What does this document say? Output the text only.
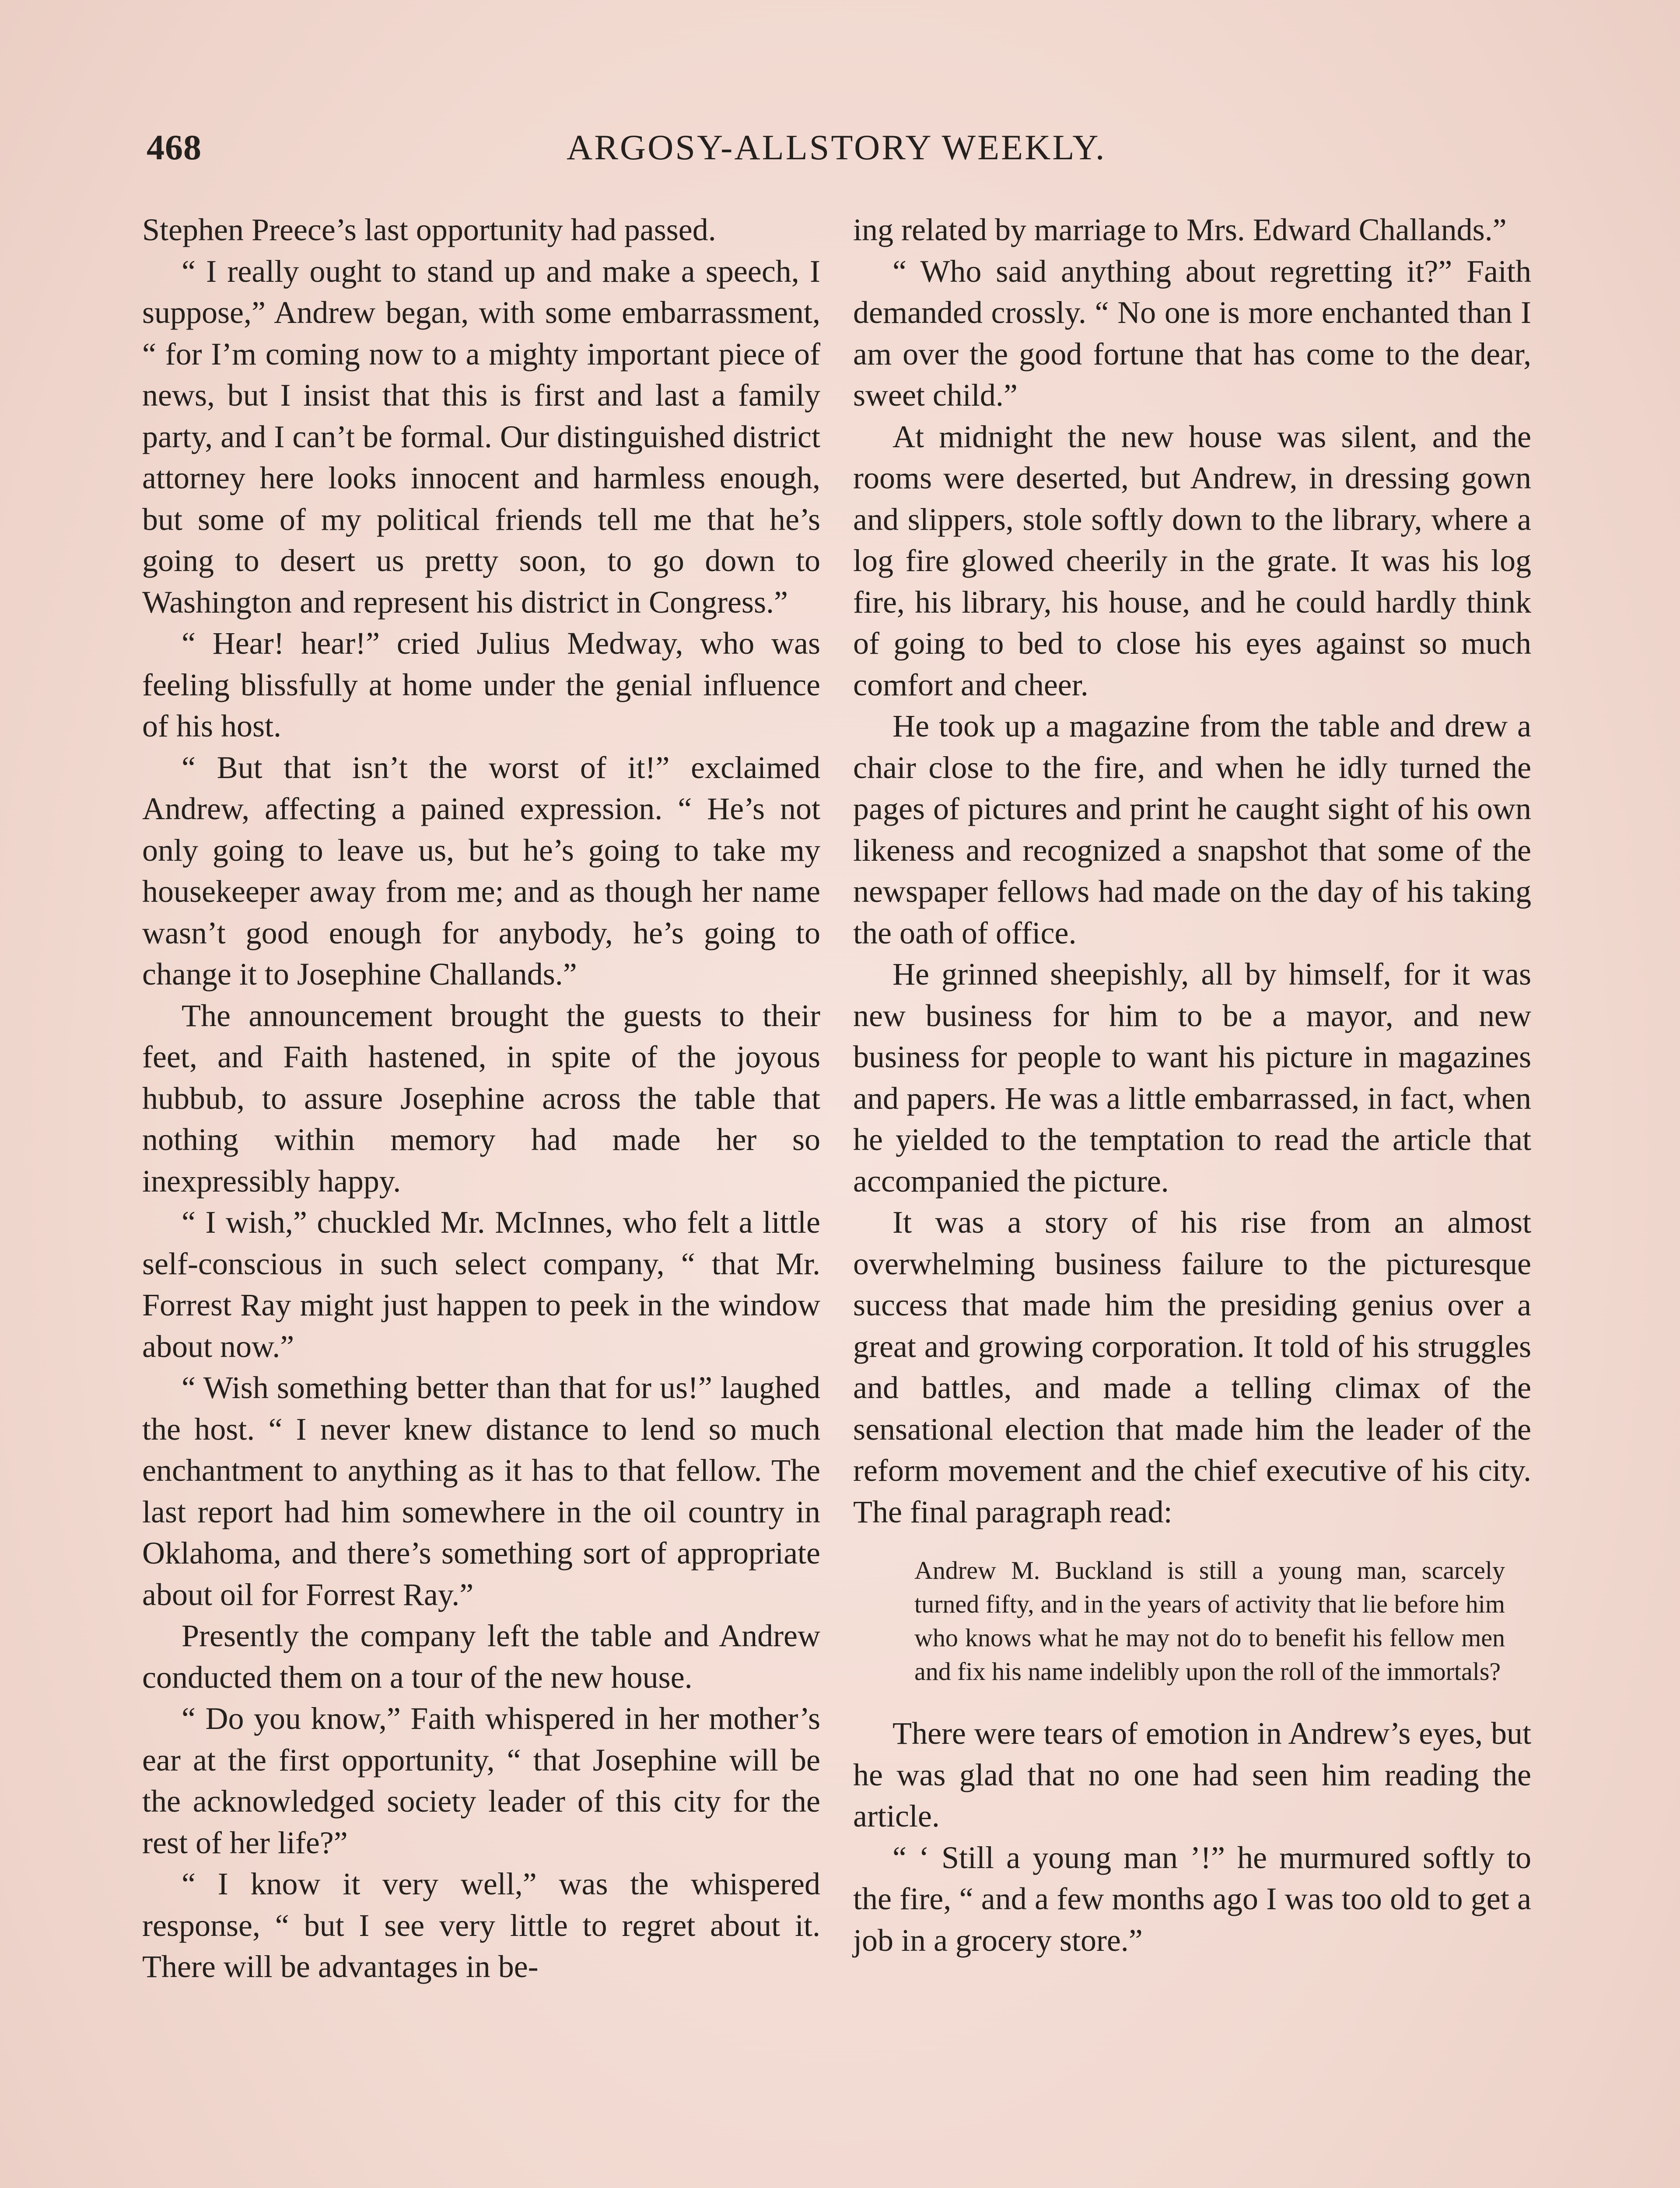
468	ARGOSY-ALLSTORY WEEKLY.

Stephen Preece’s last opportunity had passed.

“ I really ought to stand up and make a speech, I suppose,” Andrew began, with some embarrassment, “ for I’m coming now to a mighty important piece of news, but I insist that this is first and last a family party, and I can’t be formal. Our distinguished district attorney here looks innocent and harmless enough, but some of my political friends tell me that he’s going to desert us pretty soon, to go down to Washington and represent his district in Congress.”

“ Hear! hear!” cried Julius Medway, who was feeling blissfully at home under the genial influence of his host.

“ But that isn’t the worst of it!” exclaimed Andrew, affecting a pained expression. “ He’s not only going to leave us, but he’s going to take my housekeeper away from me; and as though her name wasn’t good enough for anybody, he’s going to change it to Josephine Challands.”

The announcement brought the guests to their feet, and Faith hastened, in spite of the joyous hubbub, to assure Josephine across the table that nothing within memory had made her so inexpressibly happy.

“ I wish,” chuckled Mr. McInnes, who felt a little self-conscious in such select company, “ that Mr. Forrest Ray might just happen to peek in the window about now.”

“ Wish something better than that for us!” laughed the host. “ I never knew distance to lend so much enchantment to anything as it has to that fellow. The last report had him somewhere in the oil country in Oklahoma, and there’s something sort of appropriate about oil for Forrest Ray.”

Presently the company left the table and Andrew conducted them on a tour of the new house.

“ Do you know,” Faith whispered in her mother’s ear at the first opportunity, “ that Josephine will be the acknowledged society leader of this city for the rest of her life?”

“ I know it very well,” was the whispered response, “ but I see very little to regret about it. There will be advantages in be-

ing related by marriage to Mrs. Edward Challands.”

“ Who said anything about regretting it?” Faith demanded crossly. “ No one is more enchanted than I am over the good fortune that has come to the dear, sweet child.”

At midnight the new house was silent, and the rooms were deserted, but Andrew, in dressing gown and slippers, stole softly down to the library, where a log fire glowed cheerily in the grate. It was his log fire, his library, his house, and he could hardly think of going to bed to close his eyes against so much comfort and cheer.

He took up a magazine from the table and drew a chair close to the fire, and when he idly turned the pages of pictures and print he caught sight of his own likeness and recognized a snapshot that some of the newspaper fellows had made on the day of his taking the oath of office.

He grinned sheepishly, all by himself, for it was new business for him to be a mayor, and new business for people to want his picture in magazines and papers. He was a little embarrassed, in fact, when he yielded to the temptation to read the article that accompanied the picture.

It was a story of his rise from an almost overwhelming business failure to the picturesque success that made him the presiding genius over a great and growing corporation. It told of his struggles and battles, and made a telling climax of the sensational election that made him the leader of the reform movement and the chief executive of his city. The final paragraph read:

Andrew M. Buckland is still a young man, scarcely turned fifty, and in the years of activity that lie before him who knows what he may not do to benefit his fellow men and fix his name indelibly upon the roll of the immortals?

There were tears of emotion in Andrew’s eyes, but he was glad that no one had seen him reading the article.

“ ‘ Still a young man ’!” he murmured softly to the fire, “ and a few months ago I was too old to get a job in a grocery store.”
